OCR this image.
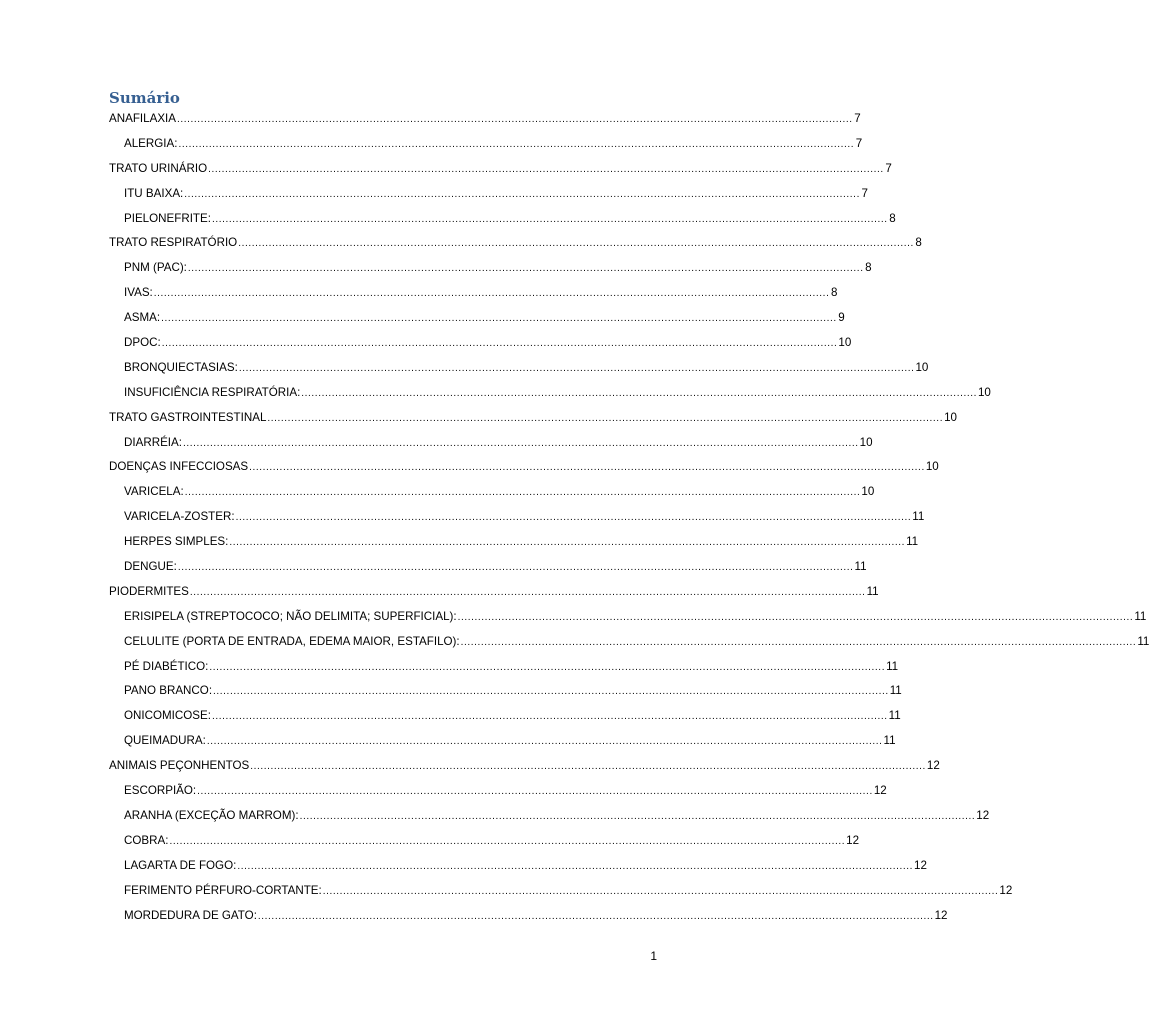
Sumário
ANAFILAXIA ........................................................................................................................................................................................................ 7
ALERGIA: ........................................................................................................................................................................................................ 7
TRATO URINÁRIO ........................................................................................................................................................................................................ 7
ITU BAIXA: ........................................................................................................................................................................................................ 7
PIELONEFRITE: ........................................................................................................................................................................................................ 8
TRATO RESPIRATÓRIO ........................................................................................................................................................................................................ 8
PNM (PAC): ........................................................................................................................................................................................................ 8
IVAS: ........................................................................................................................................................................................................ 8
ASMA: ........................................................................................................................................................................................................ 9
DPOC: ........................................................................................................................................................................................................ 10
BRONQUIECTASIAS: ........................................................................................................................................................................................................ 10
INSUFICIÊNCIA RESPIRATÓRIA: ........................................................................................................................................................................................................ 10
TRATO GASTROINTESTINAL ........................................................................................................................................................................................................ 10
DIARRÉIA: ........................................................................................................................................................................................................ 10
DOENÇAS INFECCIOSAS ........................................................................................................................................................................................................ 10
VARICELA: ........................................................................................................................................................................................................ 10
VARICELA-ZOSTER: ........................................................................................................................................................................................................ 11
HERPES SIMPLES: ........................................................................................................................................................................................................ 11
DENGUE: ........................................................................................................................................................................................................ 11
PIODERMITES ........................................................................................................................................................................................................ 11
ERISIPELA (STREPTOCOCO; NÃO DELIMITA; SUPERFICIAL): ........................................................................................................................................................................................................ 11
CELULITE (PORTA DE ENTRADA, EDEMA MAIOR, ESTAFILO): ........................................................................................................................................................................................................ 11
PÉ DIABÉTICO: ........................................................................................................................................................................................................ 11
PANO BRANCO: ........................................................................................................................................................................................................ 11
ONICOMICOSE: ........................................................................................................................................................................................................ 11
QUEIMADURA: ........................................................................................................................................................................................................ 11
ANIMAIS PEÇONHENTOS ........................................................................................................................................................................................................ 12
ESCORPIÃO: ........................................................................................................................................................................................................ 12
ARANHA (EXCEÇÃO MARROM): ........................................................................................................................................................................................................ 12
COBRA: ........................................................................................................................................................................................................ 12
LAGARTA DE FOGO: ........................................................................................................................................................................................................ 12
FERIMENTO PÉRFURO-CORTANTE: ........................................................................................................................................................................................................ 12
MORDEDURA DE GATO: ........................................................................................................................................................................................................ 12
1
